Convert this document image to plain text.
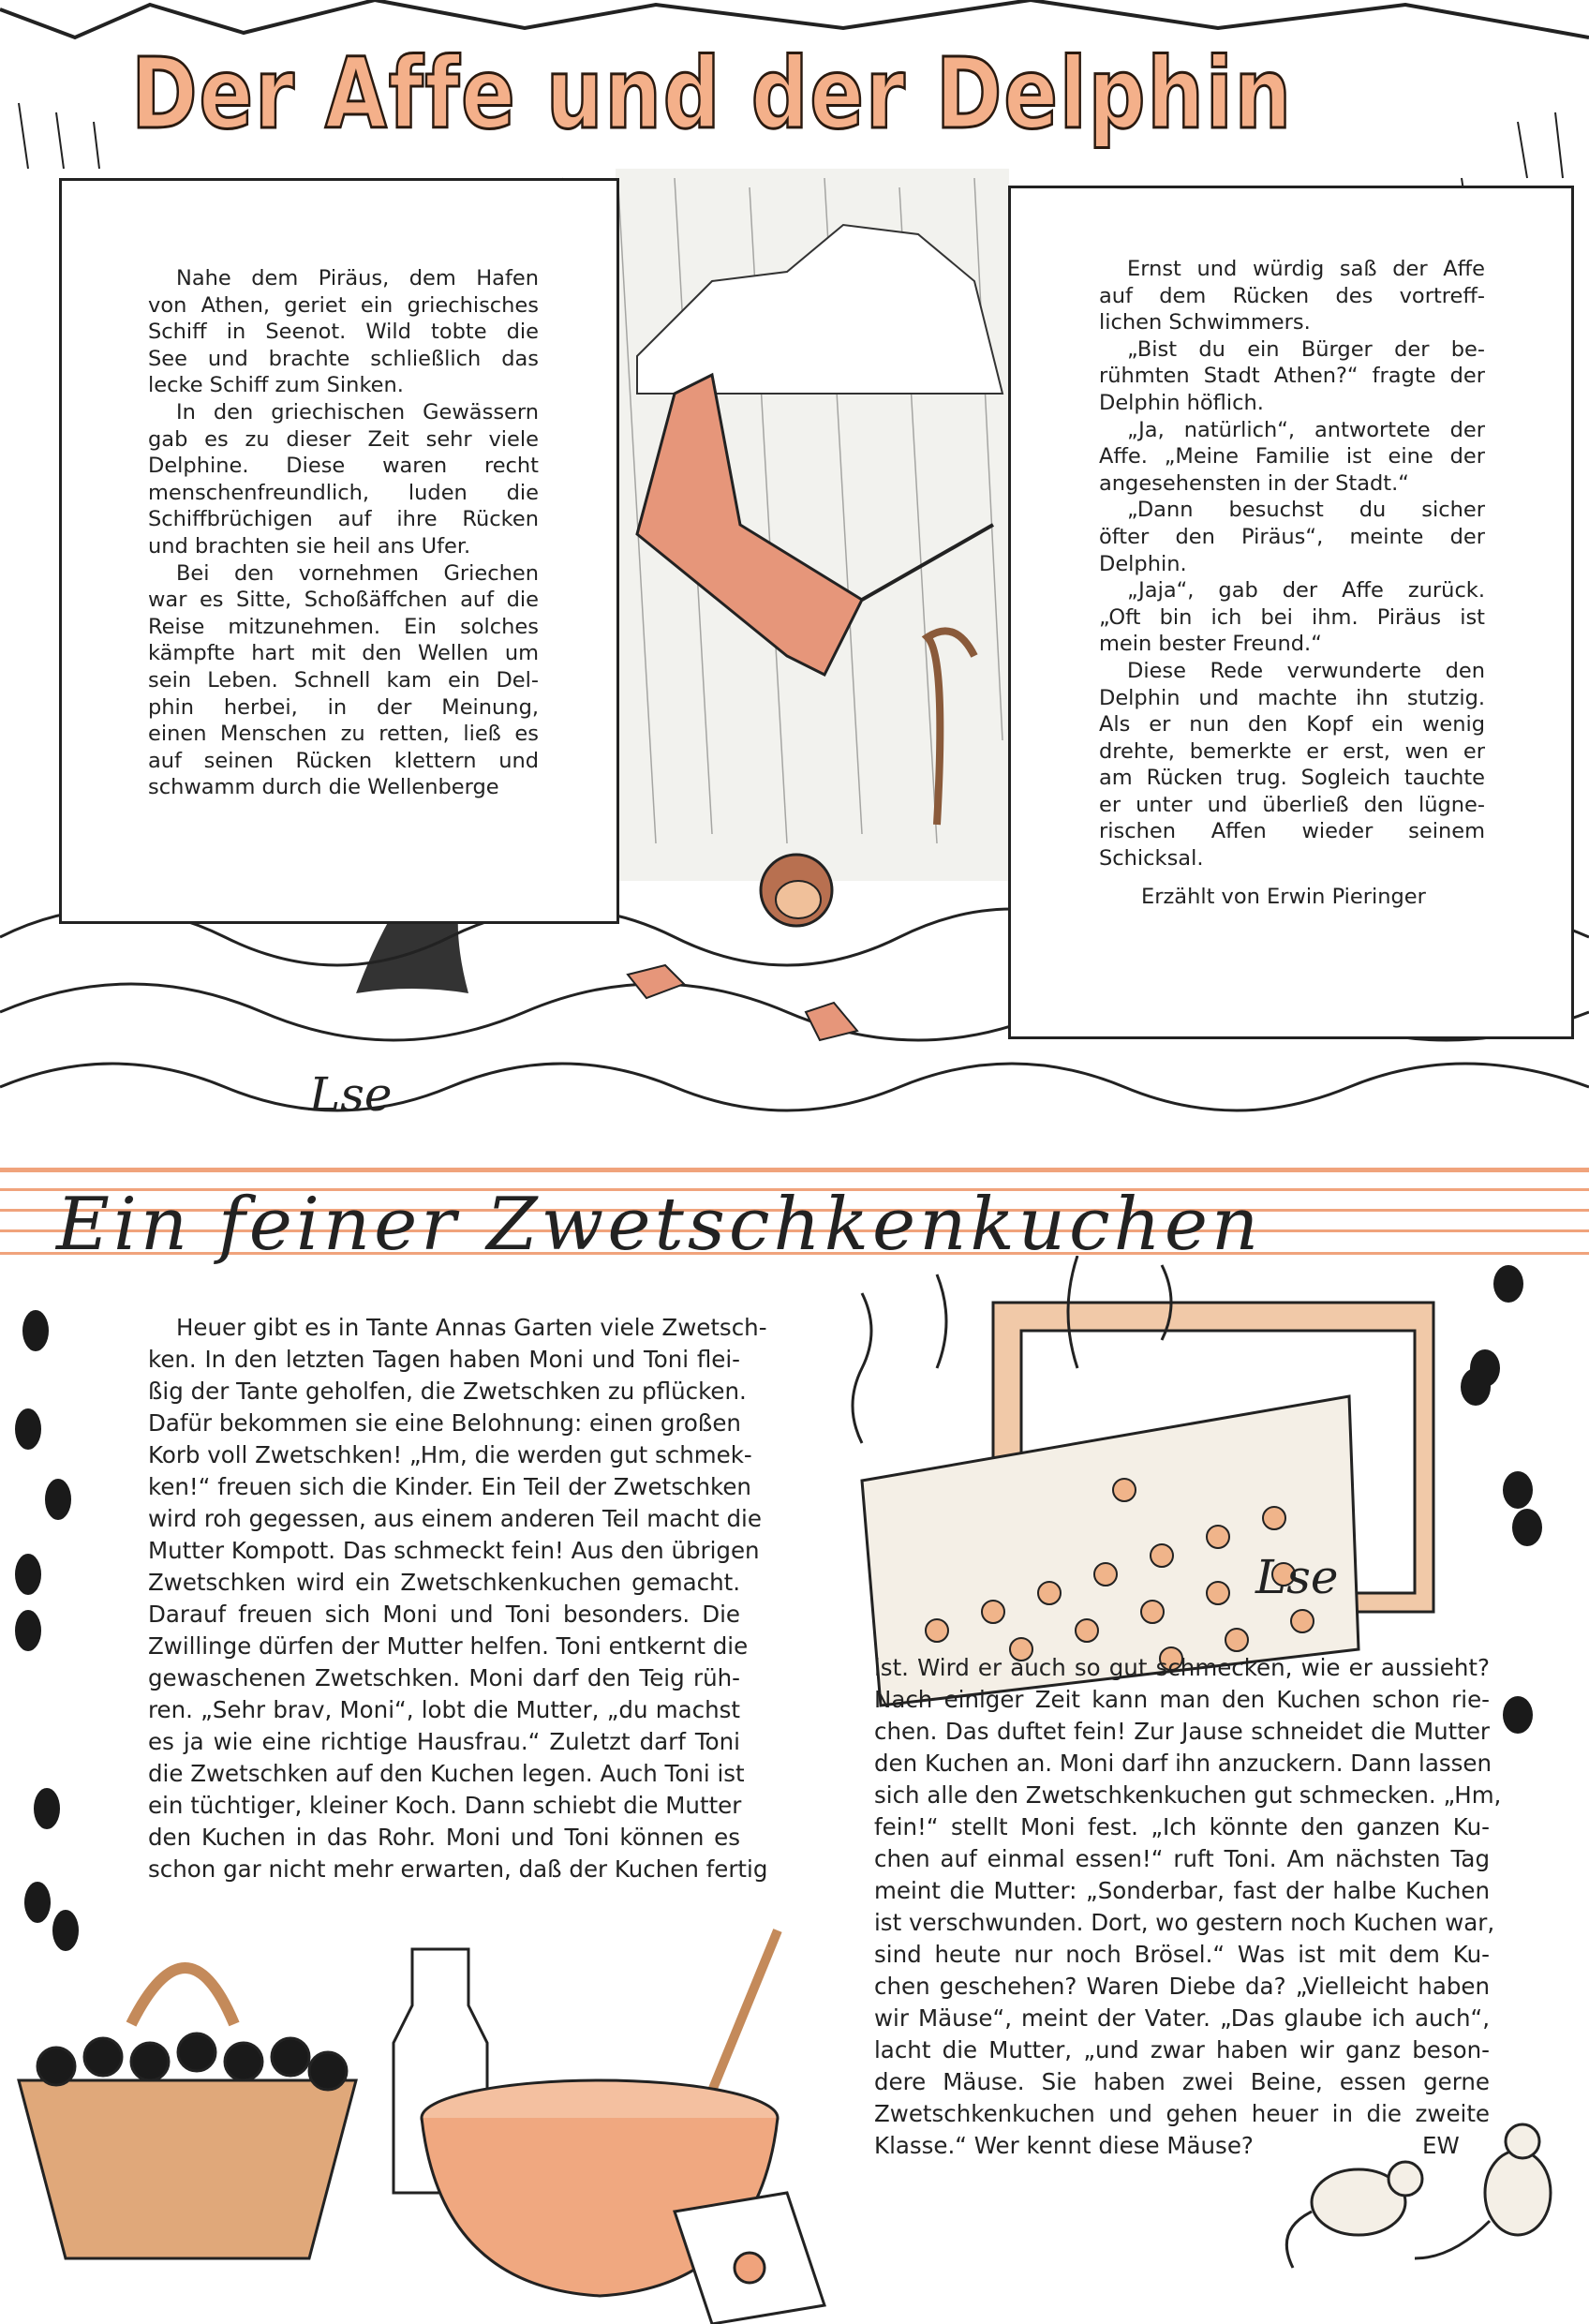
Lse
Nahe dem Piräus, dem Hafen
von Athen, geriet ein griechisches
Schiff in Seenot. Wild tobte die
See und brachte schließlich das
lecke Schiff zum Sinken.
In den griechischen Gewässern
gab es zu dieser Zeit sehr viele
Delphine. Diese waren recht
menschenfreundlich, luden die
Schiffbrüchigen auf ihre Rücken
und brachten sie heil ans Ufer.
Bei den vornehmen Griechen
war es Sitte, Schoßäffchen auf die
Reise mitzunehmen. Ein solches
kämpfte hart mit den Wellen um
sein Leben. Schnell kam ein Del-
phin herbei, in der Meinung,
einen Menschen zu retten, ließ es
auf seinen Rücken klettern und
schwamm durch die Wellenberge
Ernst und würdig saß der Affe
auf dem Rücken des vortreff-
lichen Schwimmers.
„Bist du ein Bürger der be-
rühmten Stadt Athen?“ fragte der
Delphin höflich.
„Ja, natürlich“, antwortete der
Affe. „Meine Familie ist eine der
angesehensten in der Stadt.“
„Dann besuchst du sicher
öfter den Piräus“, meinte der
Delphin.
„Jaja“, gab der Affe zurück.
„Oft bin ich bei ihm. Piräus ist
mein bester Freund.“
Diese Rede verwunderte den
Delphin und machte ihn stutzig.
Als er nun den Kopf ein wenig
drehte, bemerkte er erst, wen er
am Rücken trug. Sogleich tauchte
er unter und überließ den lügne-
rischen Affen wieder seinem
Schicksal.
Erzählt von Erwin Pieringer
Der Affe und der Delphin
Ein feiner Zwetschkenkuchen
Lse
Heuer gibt es in Tante Annas Garten viele Zwetsch-
ken. In den letzten Tagen haben Moni und Toni flei-
ßig der Tante geholfen, die Zwetschken zu pflücken.
Dafür bekommen sie eine Belohnung: einen großen
Korb voll Zwetschken! „Hm, die werden gut schmek-
ken!“ freuen sich die Kinder. Ein Teil der Zwetschken
wird roh gegessen, aus einem anderen Teil macht die
Mutter Kompott. Das schmeckt fein! Aus den übrigen
Zwetschken wird ein Zwetschkenkuchen gemacht.
Darauf freuen sich Moni und Toni besonders. Die
Zwillinge dürfen der Mutter helfen. Toni entkernt die
gewaschenen Zwetschken. Moni darf den Teig rüh-
ren. „Sehr brav, Moni“, lobt die Mutter, „du machst
es ja wie eine richtige Hausfrau.“ Zuletzt darf Toni
die Zwetschken auf den Kuchen legen. Auch Toni ist
ein tüchtiger, kleiner Koch. Dann schiebt die Mutter
den Kuchen in das Rohr. Moni und Toni können es
schon gar nicht mehr erwarten, daß der Kuchen fertig
ist. Wird er auch so gut schmecken, wie er aussieht?
Nach einiger Zeit kann man den Kuchen schon rie-
chen. Das duftet fein! Zur Jause schneidet die Mutter
den Kuchen an. Moni darf ihn anzuckern. Dann lassen
sich alle den Zwetschkenkuchen gut schmecken. „Hm,
fein!“ stellt Moni fest. „Ich könnte den ganzen Ku-
chen auf einmal essen!“ ruft Toni. Am nächsten Tag
meint die Mutter: „Sonderbar, fast der halbe Kuchen
ist verschwunden. Dort, wo gestern noch Kuchen war,
sind heute nur noch Brösel.“ Was ist mit dem Ku-
chen geschehen? Waren Diebe da? „Vielleicht haben
wir Mäuse“, meint der Vater. „Das glaube ich auch“,
lacht die Mutter, „und zwar haben wir ganz beson-
dere Mäuse. Sie haben zwei Beine, essen gerne
Zwetschkenkuchen und gehen heuer in die zweite
Klasse.“ Wer kennt diese Mäuse?	EW
